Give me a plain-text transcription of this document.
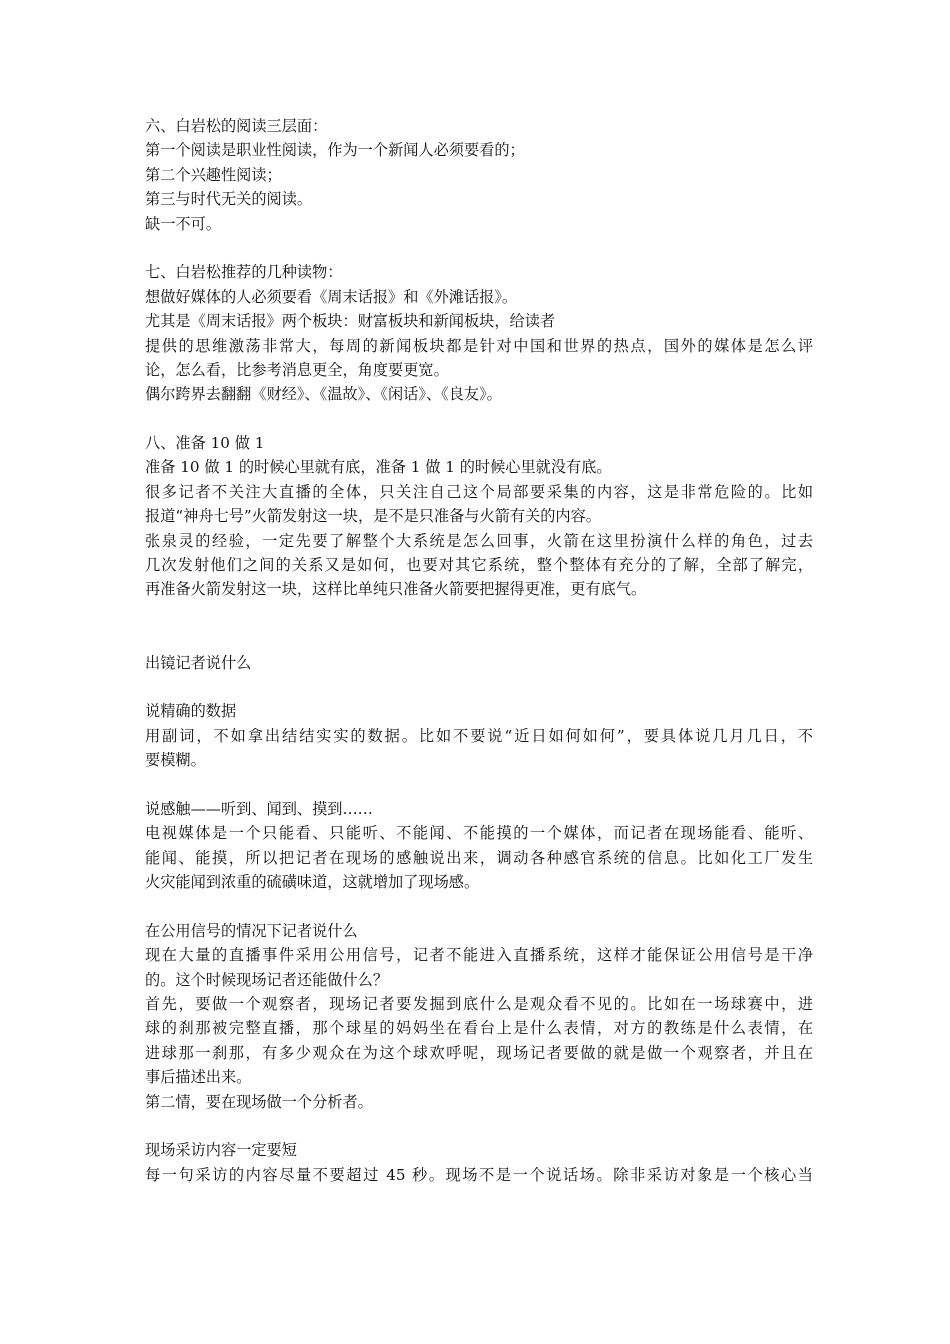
六、白岩松的阅读三层面：
第一个阅读是职业性阅读，作为一个新闻人必须要看的；
第二个兴趣性阅读；
第三与时代无关的阅读。
缺一不可。
七、白岩松推荐的几种读物：
想做好媒体的人必须要看《周末话报》和《外滩话报》。
尤其是《周末话报》两个板块：财富板块和新闻板块，给读者
提供的思维激荡非常大，每周的新闻板块都是针对中国和世界的热点，国外的媒体是怎么评
论，怎么看，比参考消息更全，角度要更宽。
偶尔跨界去翻翻《财经》、《温故》、《闲话》、《良友》。
八、准备 10 做 1
准备 10 做 1 的时候心里就有底，准备 1 做 1 的时候心里就没有底。
很多记者不关注大直播的全体，只关注自己这个局部要采集的内容，这是非常危险的。比如
报道“神舟七号”火箭发射这一块，是不是只准备与火箭有关的内容。
张泉灵的经验，一定先要了解整个大系统是怎么回事，火箭在这里扮演什么样的角色，过去
几次发射他们之间的关系又是如何，也要对其它系统，整个整体有充分的了解，全部了解完，
再准备火箭发射这一块，这样比单纯只准备火箭要把握得更准，更有底气。
出镜记者说什么
说精确的数据
用副词，不如拿出结结实实的数据。比如不要说“近日如何如何”，要具体说几月几日，不
要模糊。
说感触——听到、闻到、摸到……
电视媒体是一个只能看、只能听、不能闻、不能摸的一个媒体，而记者在现场能看、能听、
能闻、能摸，所以把记者在现场的感触说出来，调动各种感官系统的信息。比如化工厂发生
火灾能闻到浓重的硫磺味道，这就增加了现场感。
在公用信号的情况下记者说什么
现在大量的直播事件采用公用信号，记者不能进入直播系统，这样才能保证公用信号是干净
的。这个时候现场记者还能做什么？
首先，要做一个观察者，现场记者要发掘到底什么是观众看不见的。比如在一场球赛中，进
球的刹那被完整直播，那个球星的妈妈坐在看台上是什么表情，对方的教练是什么表情，在
进球那一刹那，有多少观众在为这个球欢呼呢，现场记者要做的就是做一个观察者，并且在
事后描述出来。
第二情，要在现场做一个分析者。
现场采访内容一定要短
每一句采访的内容尽量不要超过 45 秒。现场不是一个说话场。除非采访对象是一个核心当
